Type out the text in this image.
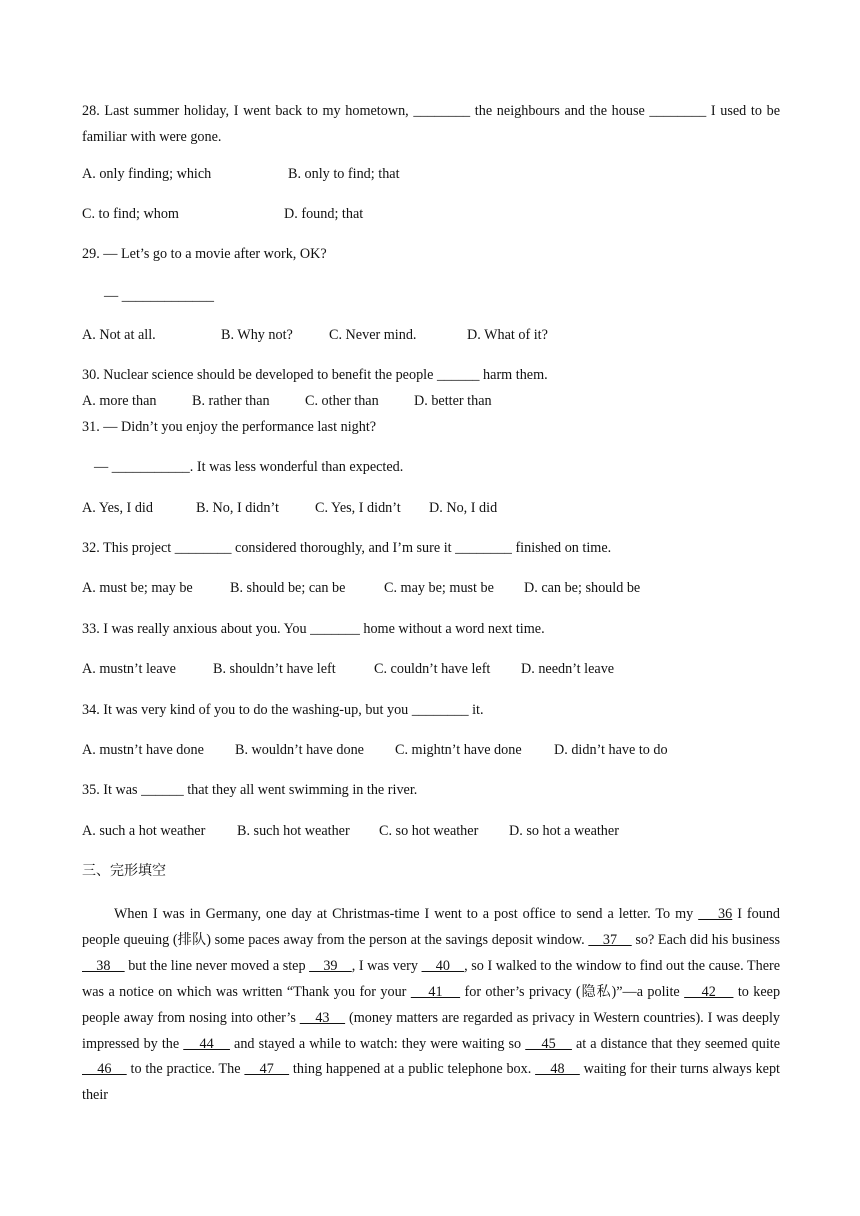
28. Last summer holiday, I went back to my hometown, ________ the neighbours and the house ________ I used to be familiar with were gone.
A. only finding; which	B. only to find; that
C. to find; whom	D. found; that
29. — Let’s go to a movie after work, OK?
— _____________
A. Not at all.	B. Why not?	C. Never mind.	D. What of it?
30. Nuclear science should be developed to benefit the people ______ harm them.
A. more than	B. rather than C. other than D. better than
31. — Didn’t you enjoy the performance last night?
— ___________. It was less wonderful than expected.
A. Yes, I did	B. No, I didn’t	C. Yes, I didn’t D. No, I did
32. This project ________ considered thoroughly, and I’m sure it ________ finished on time.
A. must be; may be	B. should be; can be	C. may be; must be D. can be; should be
33. I was really anxious about you. You _______ home without a word next time.
A. mustn’t leave	B. shouldn’t have left	C. couldn’t have left D. needn’t leave
34. It was very kind of you to do the washing-up, but you ________ it.
A. mustn’t have done B. wouldn’t have done C. mightn’t have done D. didn’t have to do
35. It was ______ that they all went swimming in the river.
A. such a hot weather B. such hot weather C. so hot weather D. so hot a weather
三、完形填空
When I was in Germany, one day at Christmas-time I went to a post office to send a letter. To my     36 I found people queuing (排队) some paces away from the person at the savings deposit window.     37     so? Each did his business     38     but the line never moved a step     39    , I was very     40    , so I walked to the window to find out the cause. There was a notice on which was written “Thank you for your     41     for other’s privacy (隐私)”—a polite     42     to keep people away from nosing into other’s     43     (money matters are regarded as privacy in Western countries). I was deeply impressed by the     44     and stayed a while to watch: they were waiting so     45     at a distance that they seemed quite     46     to the practice. The     47     thing happened at a public telephone box.     48     waiting for their turns always kept their
